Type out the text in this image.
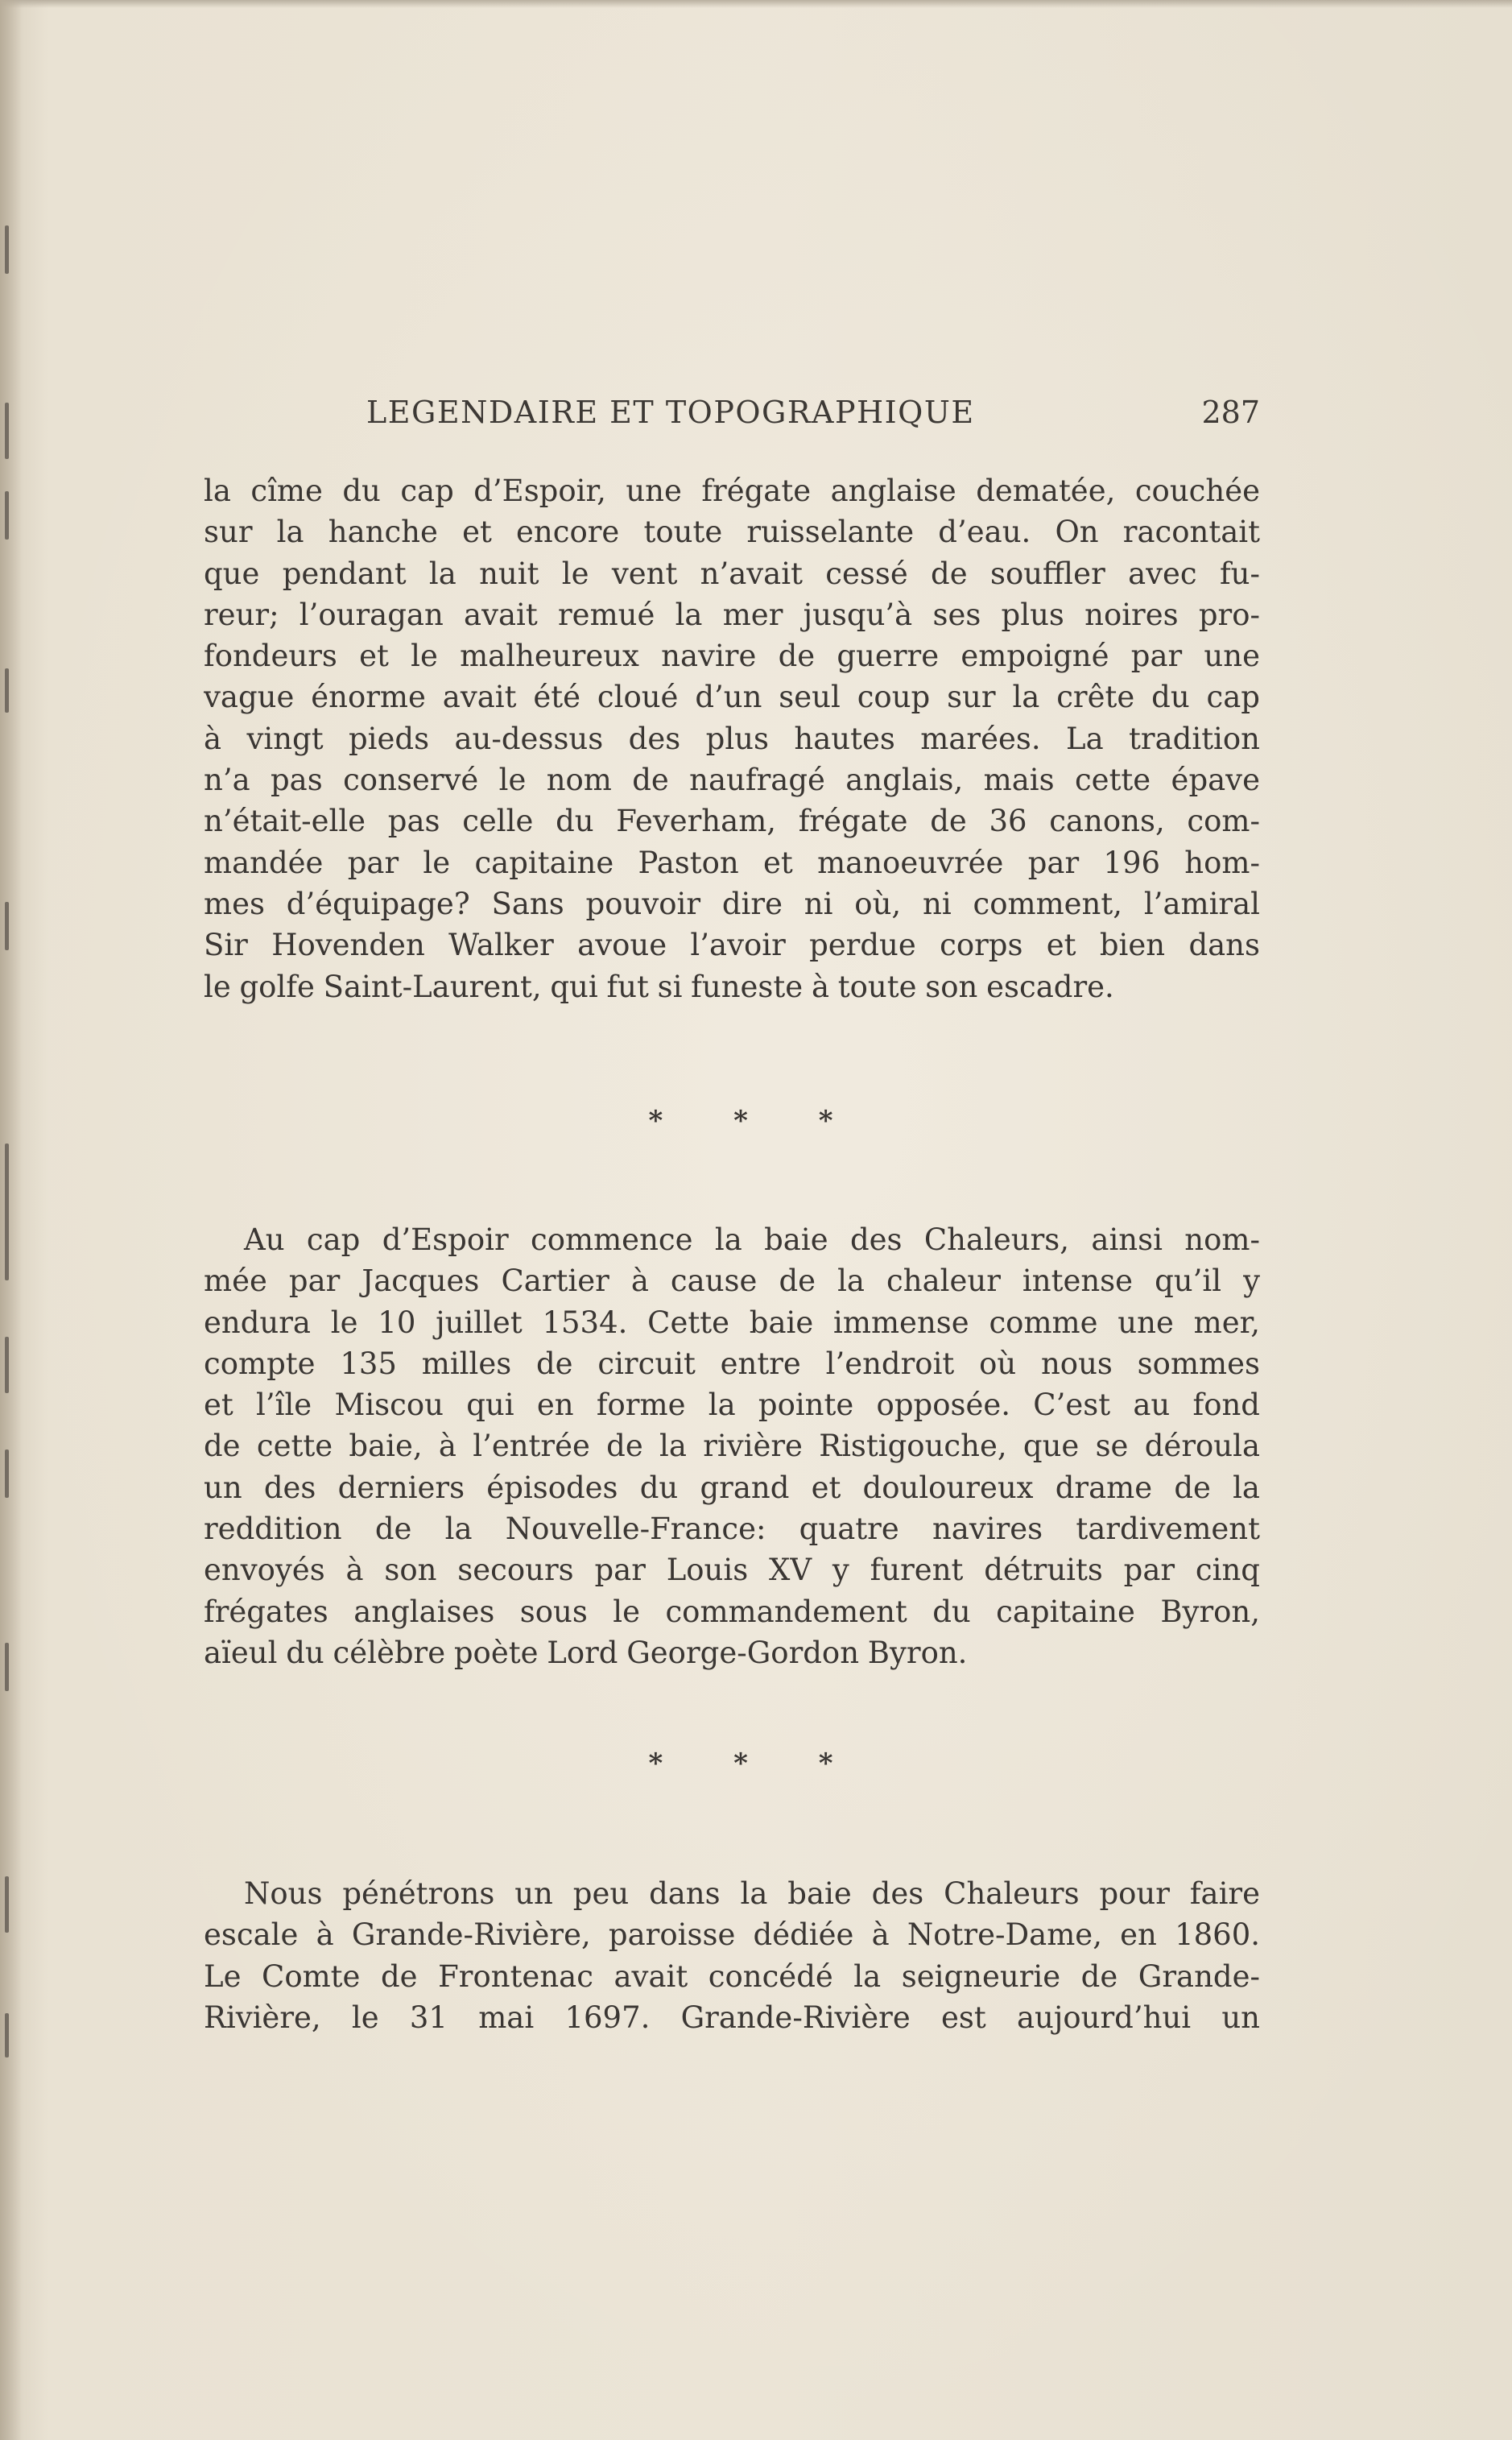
LEGENDAIRE ET TOPOGRAPHIQUE	287
la cîme du cap d’Espoir, une frégate anglaise dematée, couchée
sur la hanche et encore toute ruisselante d’eau. On racontait
que pendant la nuit le vent n’avait cessé de souffler avec fu-
reur; l’ouragan avait remué la mer jusqu’à ses plus noires pro-
fondeurs et le malheureux navire de guerre empoigné par une
vague énorme avait été cloué d’un seul coup sur la crête du cap
à vingt pieds au-dessus des plus hautes marées. La tradition
n’a pas conservé le nom de naufragé anglais, mais cette épave
n’était-elle pas celle du Feverham, frégate de 36 canons, com-
mandée par le capitaine Paston et manoeuvrée par 196 hom-
mes d’équipage? Sans pouvoir dire ni où, ni comment, l’amiral
Sir Hovenden Walker avoue l’avoir perdue corps et bien dans
le golfe Saint-Laurent, qui fut si funeste à toute son escadre.
* * *
Au cap d’Espoir commence la baie des Chaleurs, ainsi nom-
mée par Jacques Cartier à cause de la chaleur intense qu’il y
endura le 10 juillet 1534. Cette baie immense comme une mer,
compte 135 milles de circuit entre l’endroit où nous sommes
et l’île Miscou qui en forme la pointe opposée. C’est au fond
de cette baie, à l’entrée de la rivière Ristigouche, que se déroula
un des derniers épisodes du grand et douloureux drame de la
reddition de la Nouvelle-France: quatre navires tardivement
envoyés à son secours par Louis XV y furent détruits par cinq
frégates anglaises sous le commandement du capitaine Byron,
aïeul du célèbre poète Lord George-Gordon Byron.
* * *
Nous pénétrons un peu dans la baie des Chaleurs pour faire
escale à Grande-Rivière, paroisse dédiée à Notre-Dame, en 1860.
Le Comte de Frontenac avait concédé la seigneurie de Grande-
Rivière, le 31 mai 1697. Grande-Rivière est aujourd’hui un
